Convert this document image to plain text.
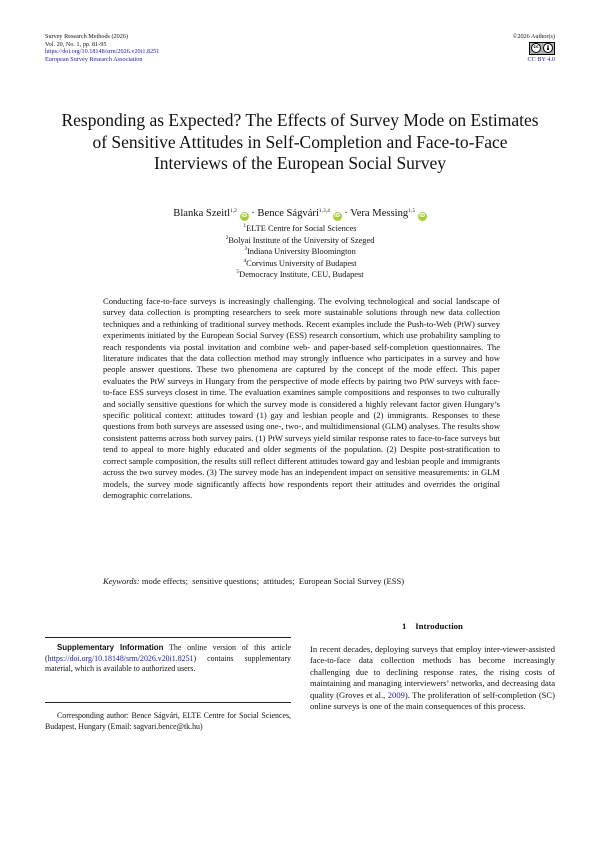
Survey Research Methods (2026)
Vol. 20, No. 1, pp. 81-95
https://doi.org/10.18148/srm/2026.v20i1.8251
European Survey Research Association
©2026 Author(s)
cc
CC BY 4.0
Responding as Expected? The Effects of Survey Mode on Estimates of Sensitive Attitudes in Self-Completion and Face-to-Face Interviews of the European Social Survey
Blanka Szeitl$^{1,2}$ iD · Bence Ságvári$^{1,3,4}$ iD · Vera Messing$^{1,5}$ iD
$^1$ELTE Centre for Social Sciences
$^2$Bolyai Institute of the University of Szeged
$^3$Indiana University Bloomington
$^4$Corvinus University of Budapest
$^5$Democracy Institute, CEU, Budapest
Conducting face-to-face surveys is increasingly challenging. The evolving technological and social landscape of survey data collection is prompting researchers to seek more sustainable solutions through new data collection techniques and a rethinking of traditional survey methods. Recent examples include the Push-to-Web (PtW) survey experiments initiated by the European Social Survey (ESS) research consortium, which use probability sampling to reach respondents via postal invitation and combine web- and paper-based self-completion questionnaires. The literature indicates that the data collection method may strongly influence who participates in a survey and how people answer questions. These two phenomena are captured by the concept of the mode effect. This paper evaluates the PtW surveys in Hungary from the perspective of mode effects by pairing two PtW surveys with face-to-face ESS surveys closest in time. The evaluation examines sample compositions and responses to two culturally and socially sensitive questions for which the survey mode is considered a highly relevant factor given Hungary’s specific political context: attitudes toward (1) gay and lesbian people and (2) immigrants. Responses to these questions from both surveys are assessed using one-, two-, and multidimensional (GLM) analyses. The results show consistent patterns across both survey pairs. (1) PtW surveys yield similar response rates to face-to-face surveys but tend to appeal to more highly educated and older segments of the population. (2) Despite post-stratification to correct sample composition, the results still reflect different attitudes toward gay and lesbian people and immigrants across the two survey modes. (3) The survey mode has an independent impact on sensitive measurements: in GLM models, the survey mode significantly affects how respondents report their attitudes and overrides the original demographic correlations.
Keywords: mode effects; sensitive questions; attitudes; European Social Survey (ESS)
1    Introduction
In recent decades, deploying surveys that employ inter-viewer-assisted face-to-face data collection methods has become increasingly challenging due to declining response rates, the rising costs of maintaining and managing interviewers’ networks, and decreasing data quality (Groves et al., 2009). The proliferation of self-completion (SC) online surveys is one of the main consequences of this process.
Supplementary Information The online version of this article (https://doi.org/10.18148/srm/2026.v20i1.8251) contains supplementary material, which is available to authorized users.
Corresponding author: Bence Ságvári, ELTE Centre for Social Sciences, Budapest, Hungary (Email: sagvari.bence@tk.hu)
